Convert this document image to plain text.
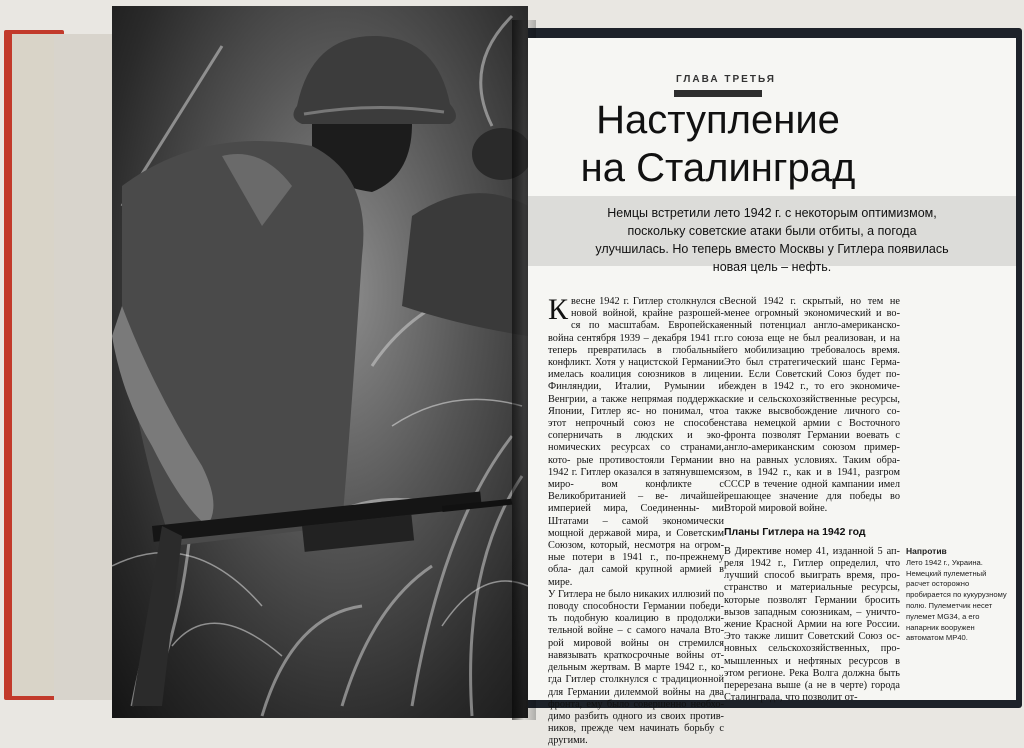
ГЛАВА ТРЕТЬЯ
Наступление
на Сталинград

Немцы встретили лето 1942 г. с некоторым оптимизмом, поскольку советские атаки были отбиты, а погода улучшилась. Но теперь вместо Москвы у Гитлера появилась новая цель – нефть.

Квесне 1942 г. Гитлер столкнулся с новой войной, крайне разрошей- ся по масштабам. Европейская война сентября 1939 – декабря 1941 гг. теперь превратилась в глобальный конфликт. Хотя у нацистской Германии имелась коалиция союзников в лице Финляндии, Италии, Румынии и Венгрии, а также непрямая поддержка Японии, Гитлер яс- но понимал, что этот непрочный союз не способен соперничать в людских и эко- номических ресурсах со странами, кото- рые противостояли Германии в 1942 г. Гитлер оказался в затянувшемся миро- вом конфликте с Великобританией – ве- личайшей империей мира, Соединенны- ми Штатами – самой экономически мощной державой мира, и Советским Союзом, который, несмотря на огром- ные потери в 1941 г., по-прежнему обла- дал самой крупной армией в мире.

У Гитлера не было никаких иллюзий по поводу способности Германии победи- ть подобную коалицию в продолжи- тельной войне – с самого начала Вто- рой мировой войны он стремился навязывать краткосрочные войны от- дельным жертвам. В марте 1942 г., ко- гда Гитлер столкнулся с традиционной для Германии дилеммой войны на два фронта, ему было совершенно необхо- димо разбить одного из своих против- ников, прежде чем начинать борьбу с другими.

Весной 1942 г. скрытый, но тем не менее огромный экономический и во- енный потенциал англо-американско- го союза еще не был реализован, и на его мобилизацию требовалось время. Это был стратегический шанс Герма- нии. Если Советский Союз будет по- бежден в 1942 г., то его экономиче- ские и сельскохозяйственные ресурсы, а также высвобождение личного со- става немецкой армии с Восточного фронта позволят Германии воевать с англо-американским союзом пример- но на равных условиях. Таким обра- зом, в 1942 г., как и в 1941, разгром СССР в течение одной кампании имел решающее значение для победы во Второй мировой войне.

Планы Гитлера на 1942 год

В Директиве номер 41, изданной 5 ап- реля 1942 г., Гитлер определил, что лучший способ выиграть время, про- странство и материальные ресурсы, которые позволят Германии бросить вызов западным союзникам, – уничто- жение Красной Армии на юге России. Это также лишит Советский Союз ос- новных сельскохозяйственных, про- мышленных и нефтяных ресурсов в этом регионе. Река Волга должна быть перерезана выше (а не в черте) города Сталинграда, что позволит от-

Напротив
Лето 1942 г., Украина. Немецкий пулеметный расчет осторожно пробирается по кукурузному полю. Пулеметчик несет пулемет MG34, а его напарник вооружен автоматом MP40.
